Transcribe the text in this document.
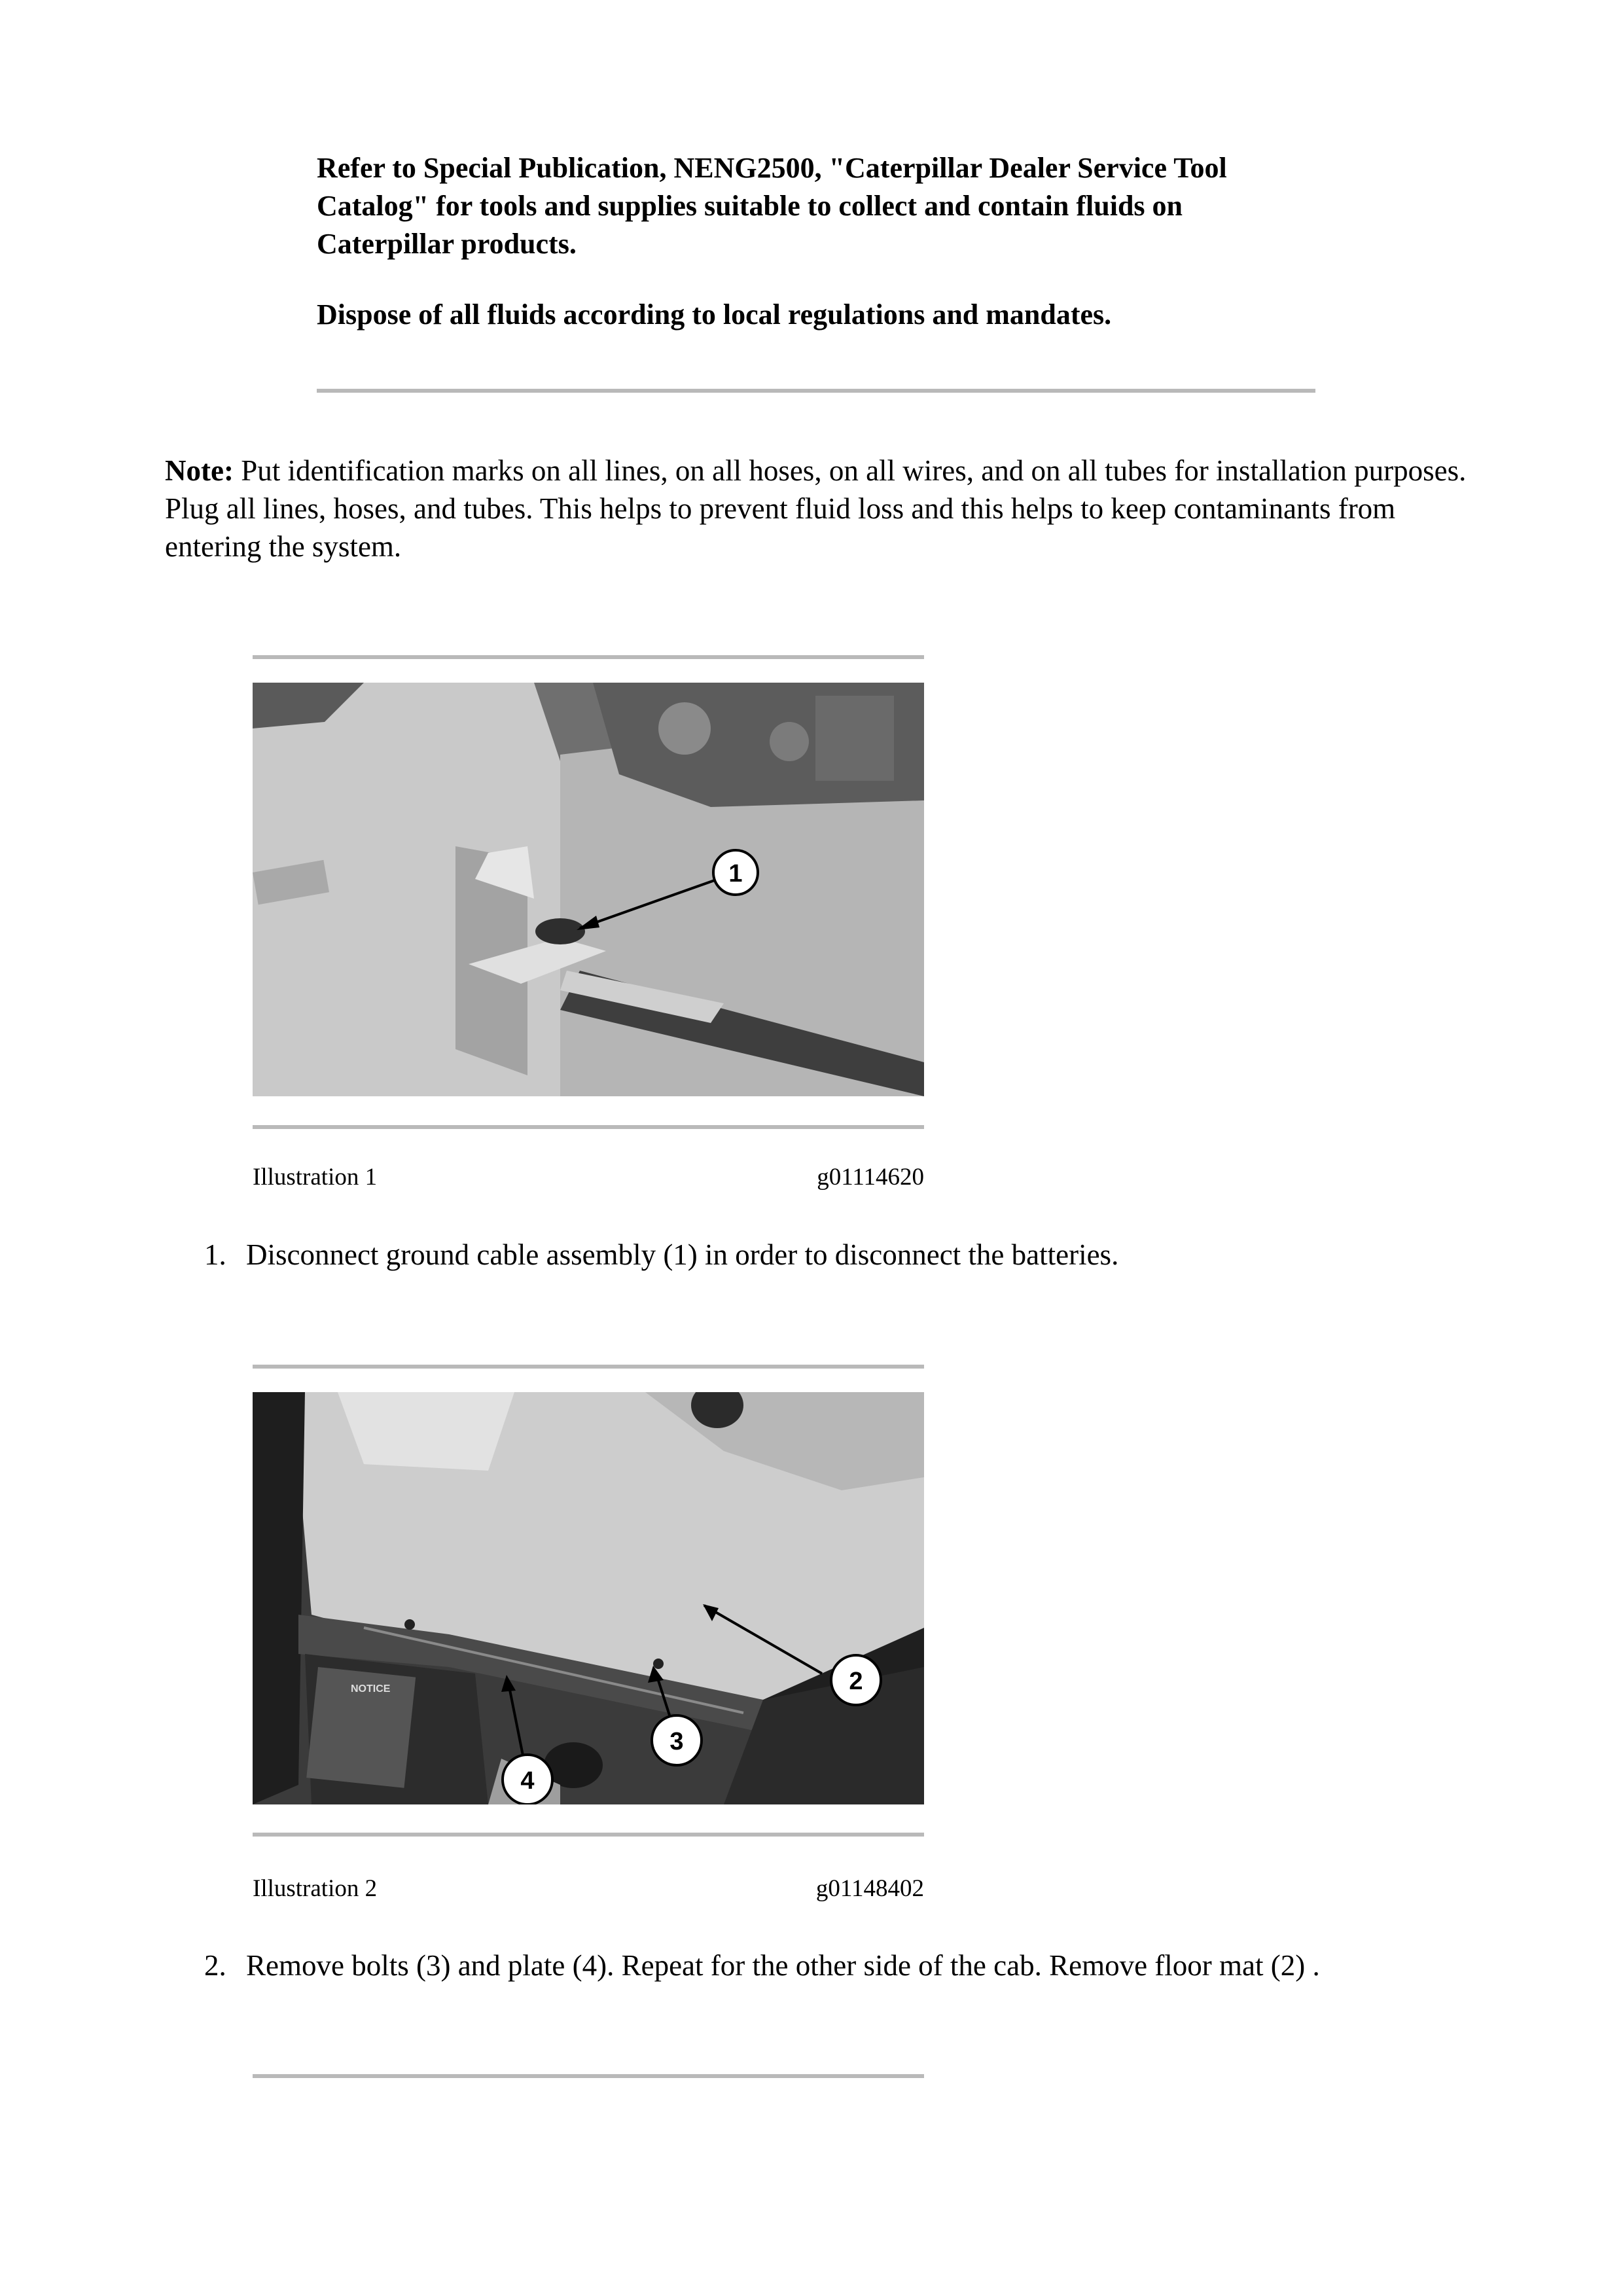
Refer to Special Publication, NENG2500, "Caterpillar Dealer Service Tool Catalog" for tools and supplies suitable to collect and contain fluids on Caterpillar products.
Dispose of all fluids according to local regulations and mandates.
Note: Put identification marks on all lines, on all hoses, on all wires, and on all tubes for installation purposes. Plug all lines, hoses, and tubes. This helps to prevent fluid loss and this helps to keep contaminants from entering the system.
1
Illustration 1	g01114620
1. Disconnect ground cable assembly (1) in order to disconnect the batteries.
NOTICE	2
3
4
Illustration 2	g01148402
2. Remove bolts (3) and plate (4). Repeat for the other side of the cab. Remove floor mat (2) .
